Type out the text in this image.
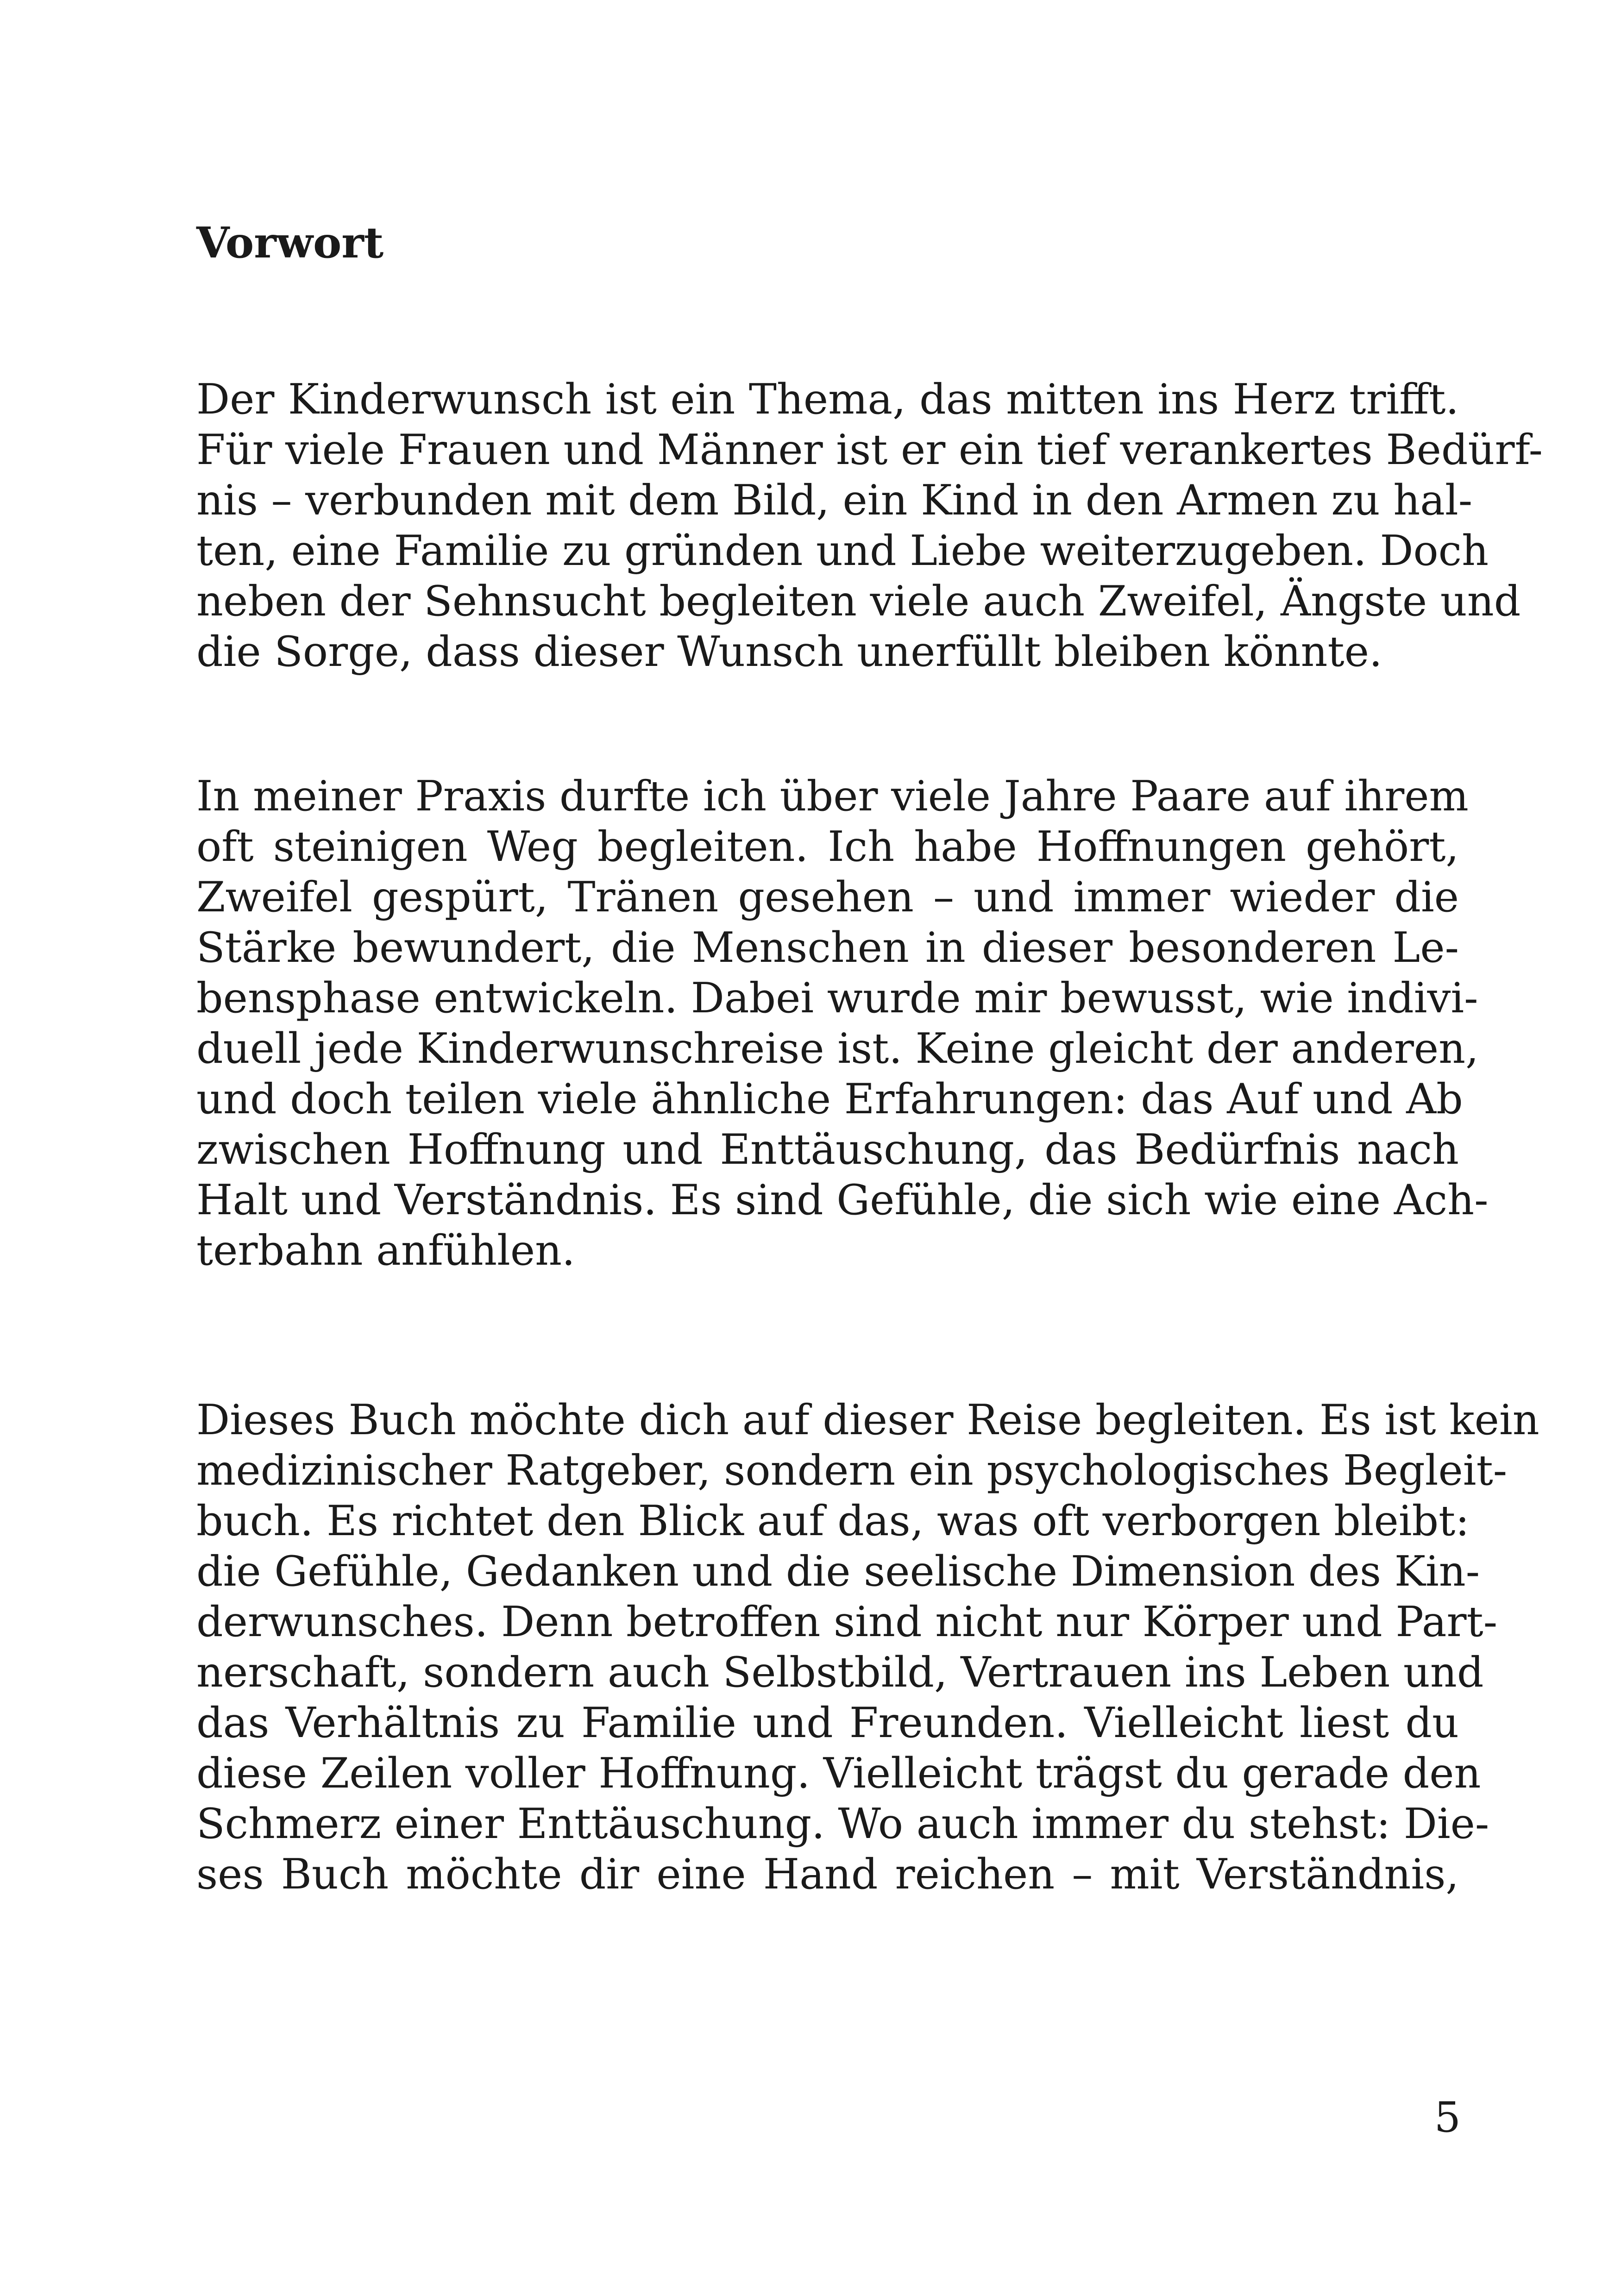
Vorwort
Der Kinderwunsch ist ein Thema, das mitten ins Herz trifft.
Für viele Frauen und Männer ist er ein tief verankertes Bedürf-
nis – verbunden mit dem Bild, ein Kind in den Armen zu hal-
ten, eine Familie zu gründen und Liebe weiterzugeben. Doch
neben der Sehnsucht begleiten viele auch Zweifel, Ängste und
die Sorge, dass dieser Wunsch unerfüllt bleiben könnte.
In meiner Praxis durfte ich über viele Jahre Paare auf ihrem
oft steinigen Weg begleiten. Ich habe Hoffnungen gehört,
Zweifel gespürt, Tränen gesehen – und immer wieder die
Stärke bewundert, die Menschen in dieser besonderen Le-
bensphase entwickeln. Dabei wurde mir bewusst, wie indivi-
duell jede Kinderwunschreise ist. Keine gleicht der anderen,
und doch teilen viele ähnliche Erfahrungen: das Auf und Ab
zwischen Hoffnung und Enttäuschung, das Bedürfnis nach
Halt und Verständnis. Es sind Gefühle, die sich wie eine Ach-
terbahn anfühlen.
Dieses Buch möchte dich auf dieser Reise begleiten. Es ist kein
medizinischer Ratgeber, sondern ein psychologisches Begleit-
buch. Es richtet den Blick auf das, was oft verborgen bleibt:
die Gefühle, Gedanken und die seelische Dimension des Kin-
derwunsches. Denn betroffen sind nicht nur Körper und Part-
nerschaft, sondern auch Selbstbild, Vertrauen ins Leben und
das Verhältnis zu Familie und Freunden. Vielleicht liest du
diese Zeilen voller Hoffnung. Vielleicht trägst du gerade den
Schmerz einer Enttäuschung. Wo auch immer du stehst: Die-
ses Buch möchte dir eine Hand reichen – mit Verständnis,
5
